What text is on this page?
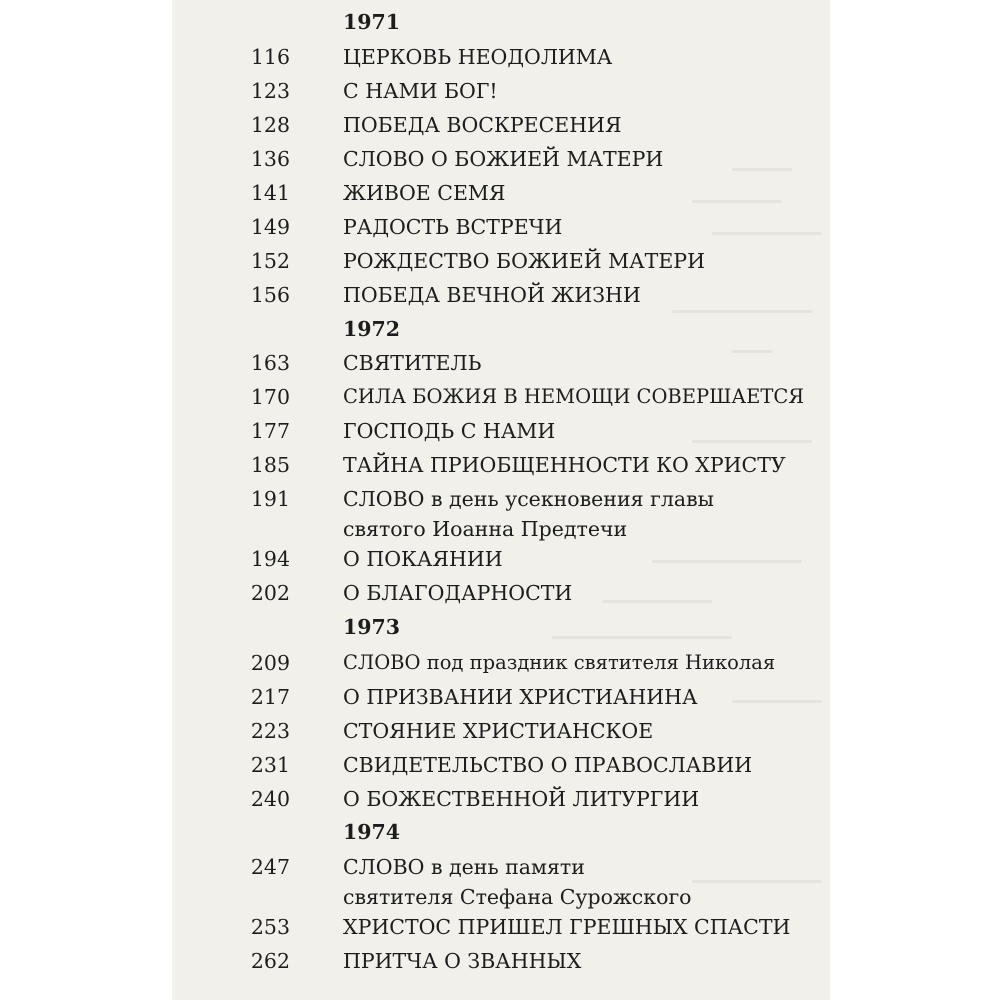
1971
116	ЦЕРКОВЬ НЕОДОЛИМА
123	С НАМИ БОГ!
128	ПОБЕДА ВОСКРЕСЕНИЯ
136	СЛОВО О БОЖИЕЙ МАТЕРИ
141	ЖИВОЕ СЕМЯ
149	РАДОСТЬ ВСТРЕЧИ
152	РОЖДЕСТВО БОЖИЕЙ МАТЕРИ
156	ПОБЕДА ВЕЧНОЙ ЖИЗНИ
1972
163	СВЯТИТЕЛЬ
170	СИЛА БОЖИЯ В НЕМОЩИ СОВЕРШАЕТСЯ
177	ГОСПОДЬ С НАМИ
185	ТАЙНА ПРИОБЩЕННОСТИ КО ХРИСТУ
191	СЛОВО в день усекновения главы
святого Иоанна Предтечи
194	О ПОКАЯНИИ
202	О БЛАГОДАРНОСТИ
1973
209	СЛОВО под праздник святителя Николая
217	О ПРИЗВАНИИ ХРИСТИАНИНА
223	СТОЯНИЕ ХРИСТИАНСКОЕ
231	СВИДЕТЕЛЬСТВО О ПРАВОСЛАВИИ
240	О БОЖЕСТВЕННОЙ ЛИТУРГИИ
1974
247	СЛОВО в день памяти
святителя Стефана Сурожского
253	ХРИСТОС ПРИШЕЛ ГРЕШНЫХ СПАСТИ
262	ПРИТЧА О ЗВАННЫХ
